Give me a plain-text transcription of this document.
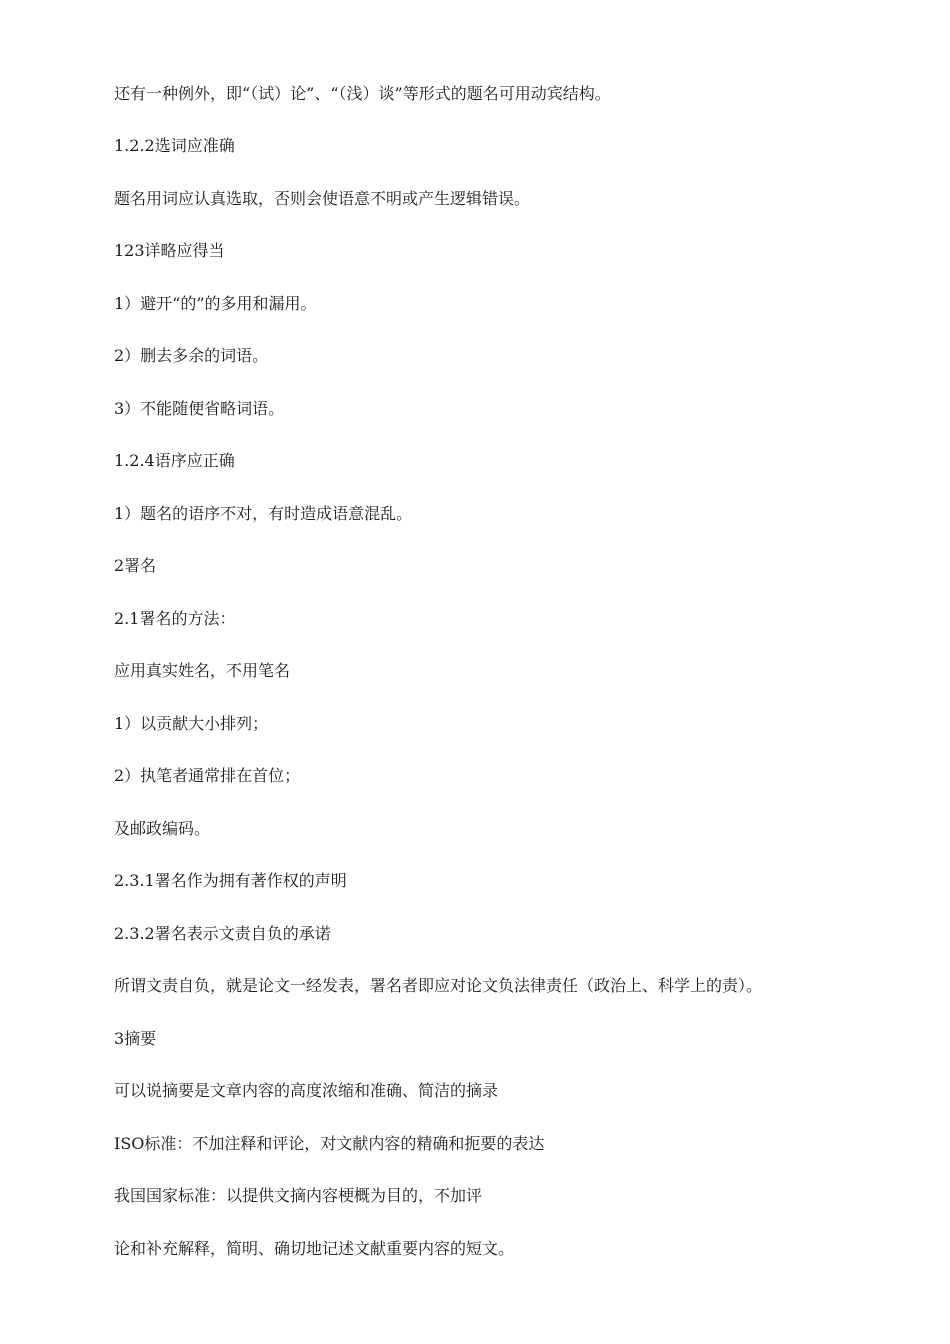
还有一种例外，即“（试）论”、“（浅）谈”等形式的题名可用动宾结构。

1.2.2选词应准确

题名用词应认真选取，否则会使语意不明或产生逻辑错误。

123详略应得当

1）避开“的”的多用和漏用。

2）删去多余的词语。

3）不能随便省略词语。

1.2.4语序应正确

1）题名的语序不对，有时造成语意混乱。

2署名

2.1署名的方法：

应用真实姓名，不用笔名

1）以贡献大小排列；

2）执笔者通常排在首位；

及邮政编码。

2.3.1署名作为拥有著作权的声明

2.3.2署名表示文责自负的承诺

所谓文责自负，就是论文一经发表，署名者即应对论文负法律责任（政治上、科学上的责）。

3摘要

可以说摘要是文章内容的高度浓缩和准确、简洁的摘录

ISO标准：不加注释和评论，对文献内容的精确和扼要的表达

我国国家标准：以提供文摘内容梗概为目的，不加评

论和补充解释，简明、确切地记述文献重要内容的短文。
